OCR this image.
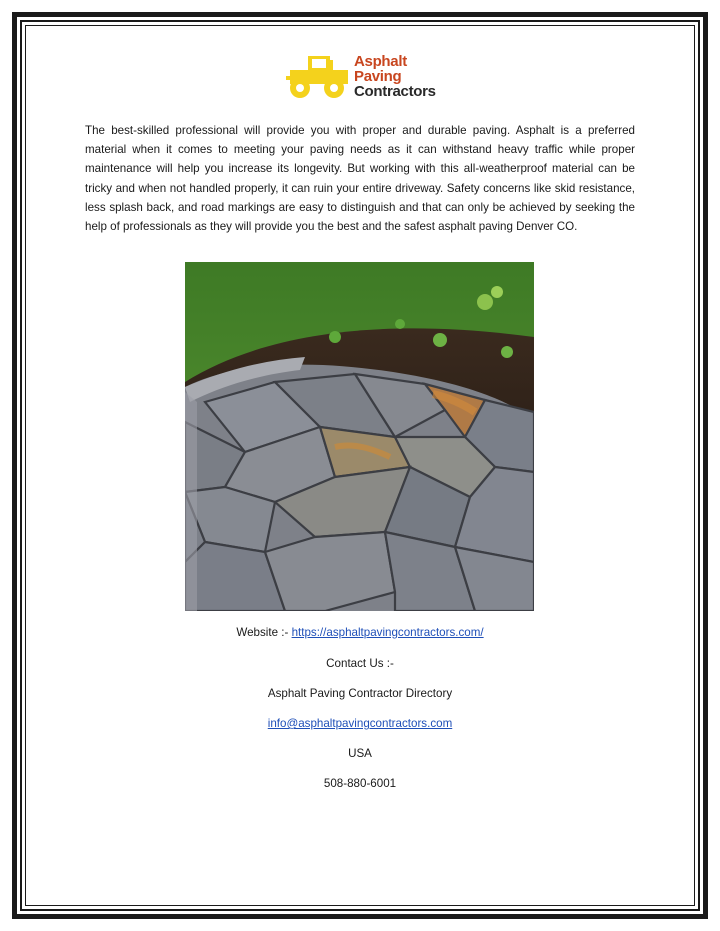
Asphalt
Paving
Contractors

The best-skilled professional will provide you with proper and durable paving. Asphalt is a preferred material when it comes to meeting your paving needs as it can withstand heavy traffic while proper maintenance will help you increase its longevity. But working with this all-weatherproof material can be tricky and when not handled properly, it can ruin your entire driveway. Safety concerns like skid resistance, less splash back, and road markings are easy to distinguish and that can only be achieved by seeking the help of professionals as they will provide you the best and the safest asphalt paving Denver CO.

Website :- https://asphaltpavingcontractors.com/

Contact Us :-

Asphalt Paving Contractor Directory

info@asphaltpavingcontractors.com

USA

508-880-6001
